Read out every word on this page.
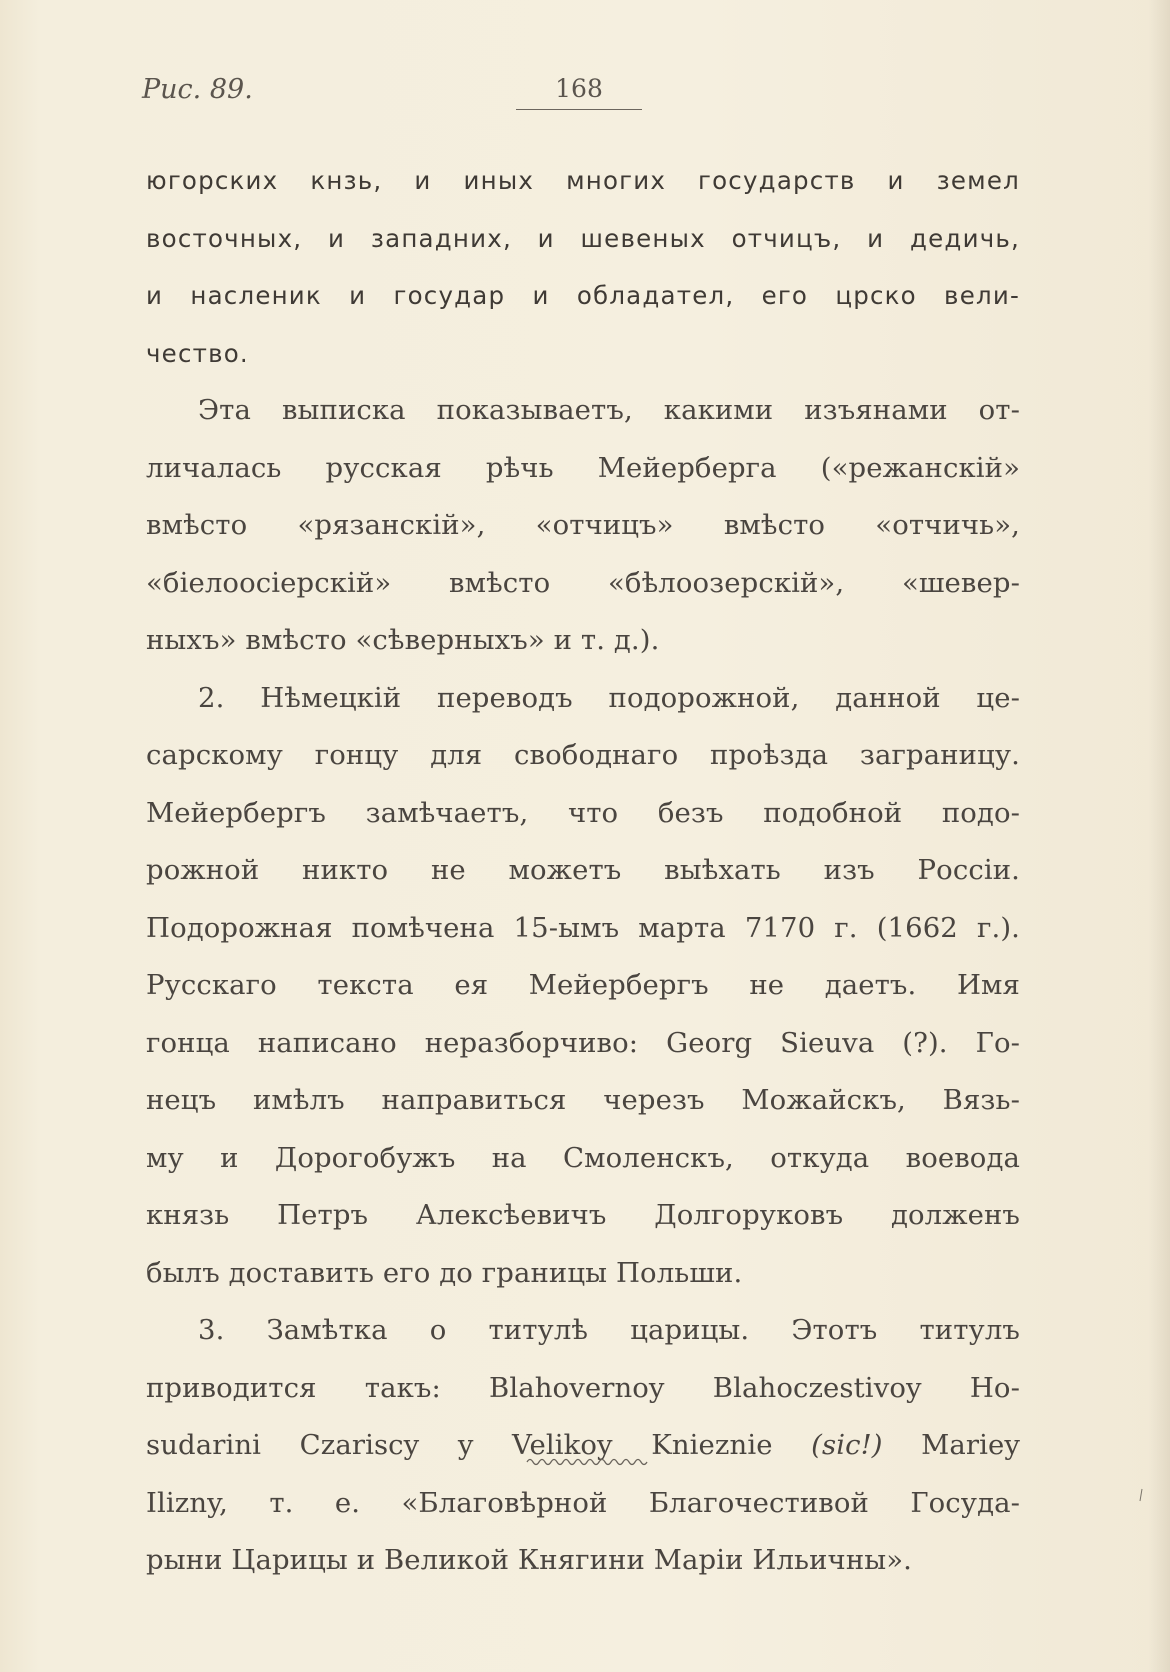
Рис. 89.	168
югорских кнзь, и иных многих государств и земел
восточных, и западних, и шевеных отчицъ, и дедичь,
и насленик и государ и обладател, его црско вели-
чество.
Эта выписка показываетъ, какими изъянами от-
личалась русская рѣчь Мейерберга («режанскій»
вмѣсто «рязанскій», «отчицъ» вмѣсто «отчичь»,
«біелоосіерскій» вмѣсто «бѣлоозерскій», «шевер-
ныхъ» вмѣсто «сѣверныхъ» и т. д.).
2. Нѣмецкій переводъ подорожной, данной це-
сарскому гонцу для свободнаго проѣзда заграницу.
Мейербергъ замѣчаетъ, что безъ подобной подо-
рожной никто не можетъ выѣхать изъ Россіи.
Подорожная помѣчена 15-ымъ марта 7170 г. (1662 г.).
Русскаго текста ея Мейербергъ не даетъ. Имя
гонца написано неразборчиво: Georg Sieuva (?). Го-
нецъ имѣлъ направиться черезъ Можайскъ, Вязь-
му и Дорогобужъ на Смоленскъ, откуда воевода
князь Петръ Алексѣевичъ Долгоруковъ долженъ
былъ доставить его до границы Польши.
3. Замѣтка о титулѣ царицы. Этотъ титулъ
приводится такъ: Blahovernoy Blahoczestivoy Ho-
sudarini Czariscy y Velikoy Knieznie (sic!) Mariey
Ilizny, т. е. «Благовѣрной Благочестивой Госуда-
рыни Царицы и Великой Княгини Маріи Ильичны».
